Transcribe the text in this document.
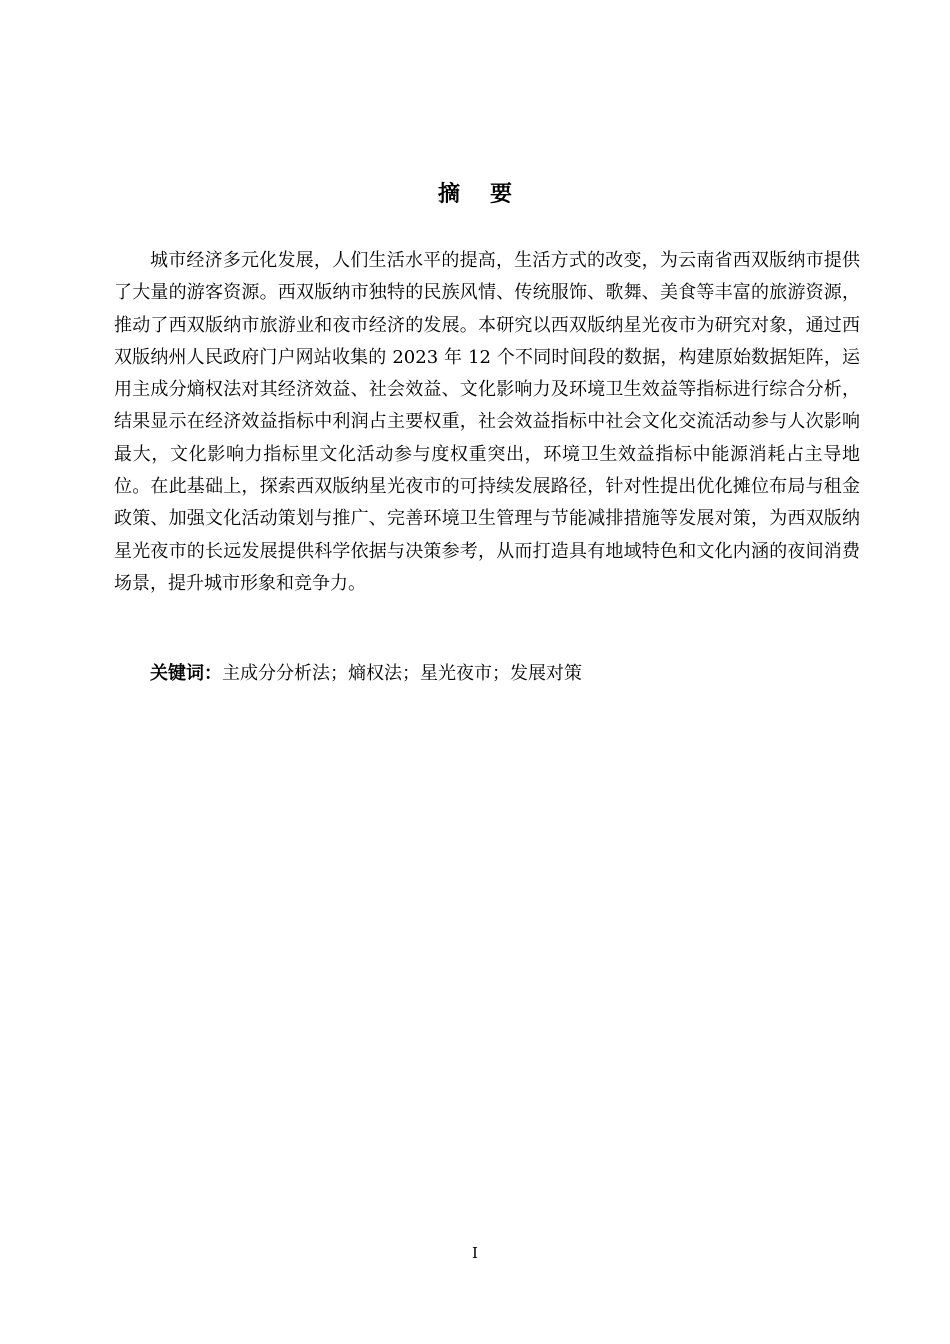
摘要

城市经济多元化发展，人们生活水平的提高，生活方式的改变，为云南省西双版纳市提供了大量的游客资源。西双版纳市独特的民族风情、传统服饰、歌舞、美食等丰富的旅游资源，推动了西双版纳市旅游业和夜市经济的发展。本研究以西双版纳星光夜市为研究对象，通过西双版纳州人民政府门户网站收集的 2023 年 12 个不同时间段的数据，构建原始数据矩阵，运用主成分熵权法对其经济效益、社会效益、文化影响力及环境卫生效益等指标进行综合分析，结果显示在经济效益指标中利润占主要权重，社会效益指标中社会文化交流活动参与人次影响最大，文化影响力指标里文化活动参与度权重突出，环境卫生效益指标中能源消耗占主导地位。在此基础上，探索西双版纳星光夜市的可持续发展路径，针对性提出优化摊位布局与租金政策、加强文化活动策划与推广、完善环境卫生管理与节能减排措施等发展对策，为西双版纳星光夜市的长远发展提供科学依据与决策参考，从而打造具有地域特色和文化内涵的夜间消费场景，提升城市形象和竞争力。

关键词：主成分分析法；熵权法；星光夜市；发展对策

I
